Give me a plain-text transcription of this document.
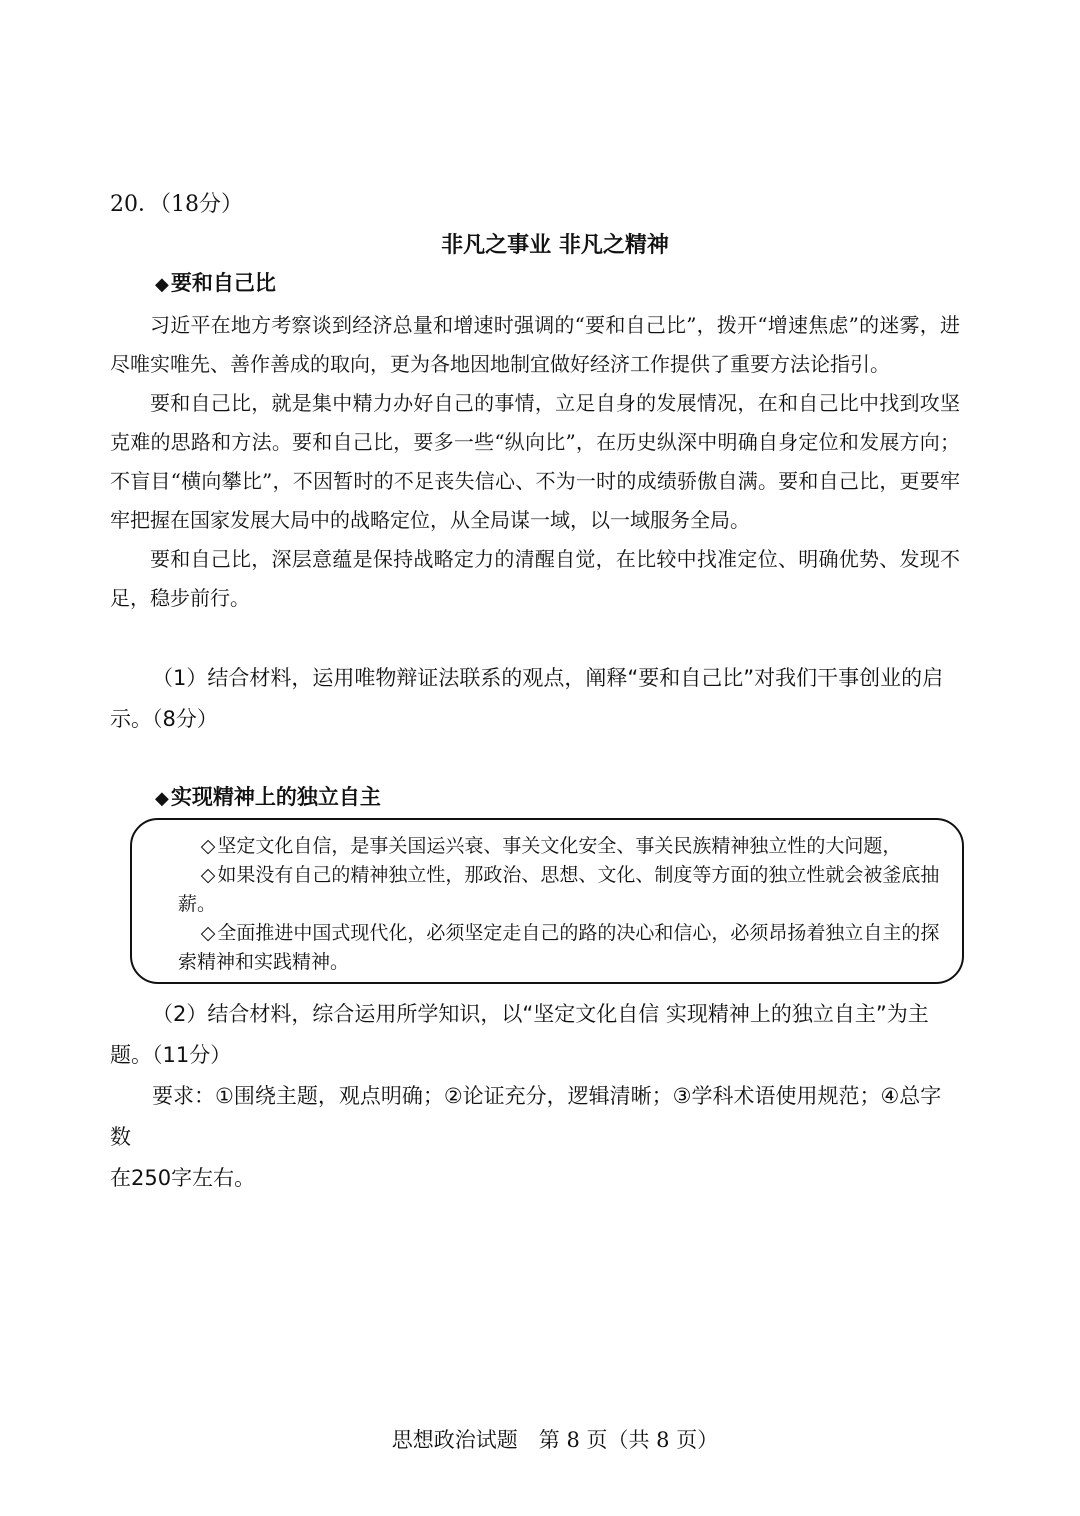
20．（18分）
非凡之事业 非凡之精神
◆要和自己比

习近平在地方考察谈到经济总量和增速时强调的“要和自己比”，拨开“增速焦虑”的迷雾，进尽唯实唯先、善作善成的取向，更为各地因地制宜做好经济工作提供了重要方法论指引。

要和自己比，就是集中精力办好自己的事情，立足自身的发展情况，在和自己比中找到攻坚克难的思路和方法。要和自己比，要多一些“纵向比”，在历史纵深中明确自身定位和发展方向；不盲目“横向攀比”，不因暂时的不足丧失信心、不为一时的成绩骄傲自满。要和自己比，更要牢牢把握在国家发展大局中的战略定位，从全局谋一域，以一域服务全局。

要和自己比，深层意蕴是保持战略定力的清醒自觉，在比较中找准定位、明确优势、发现不足，稳步前行。

（1）结合材料，运用唯物辩证法联系的观点，阐释“要和自己比”对我们干事创业的启

示。（8分）

◆实现精神上的独立自主

◇ 坚定文化自信，是事关国运兴衰、事关文化安全、事关民族精神独立性的大问题，

◇ 如果没有自己的精神独立性，那政治、思想、文化、制度等方面的独立性就会被釜底抽薪。

◇ 全面推进中国式现代化，必须坚定走自己的路的决心和信心，必须昂扬着独立自主的探索精神和实践精神。

（2）结合材料，综合运用所学知识，以“坚定文化自信 实现精神上的独立自主”为主

题。（11分）

要求：①围绕主题，观点明确；②论证充分，逻辑清晰；③学科术语使用规范；④总字数

在250字左右。

思想政治试题　第 8 页（共 8 页）
